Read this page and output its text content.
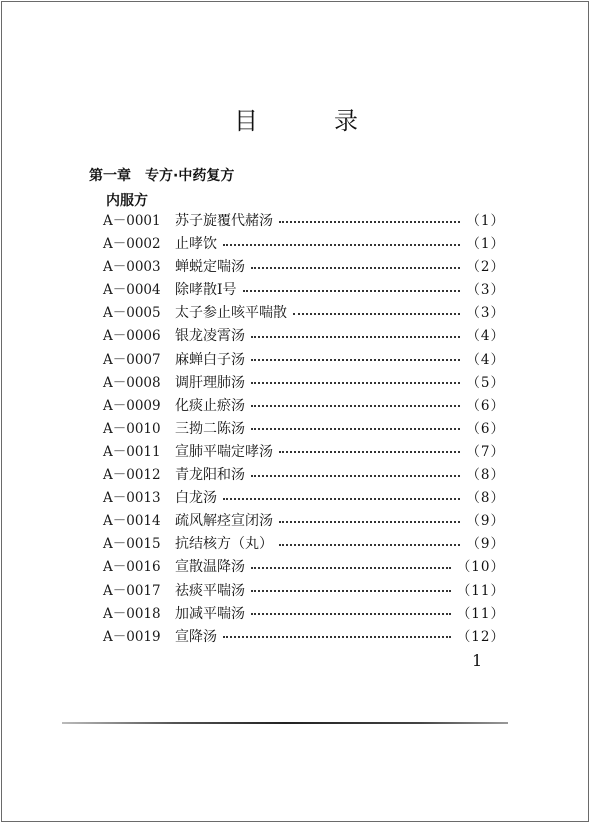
目　录
第一章　专方·中药复方
内服方
A－0001	苏子旋覆代赭汤	（1）
A－0002	止哮饮	（1）
A－0003	蝉蜕定喘汤	（2）
A－0004	除哮散Ⅰ号	（3）
A－0005	太子参止咳平喘散	（3）
A－0006	银龙凌霄汤	（4）
A－0007	麻蝉白子汤	（4）
A－0008	调肝理肺汤	（5）
A－0009	化痰止瘀汤	（6）
A－0010	三拗二陈汤	（6）
A－0011	宣肺平喘定哮汤	（7）
A－0012	青龙阳和汤	（8）
A－0013	白龙汤	（8）
A－0014	疏风解痉宣闭汤	（9）
A－0015	抗结核方（丸）	（9）
A－0016	宣散温降汤	（10）
A－0017	祛痰平喘汤	（11）
A－0018	加减平喘汤	（11）
A－0019	宣降汤	（12）
1
